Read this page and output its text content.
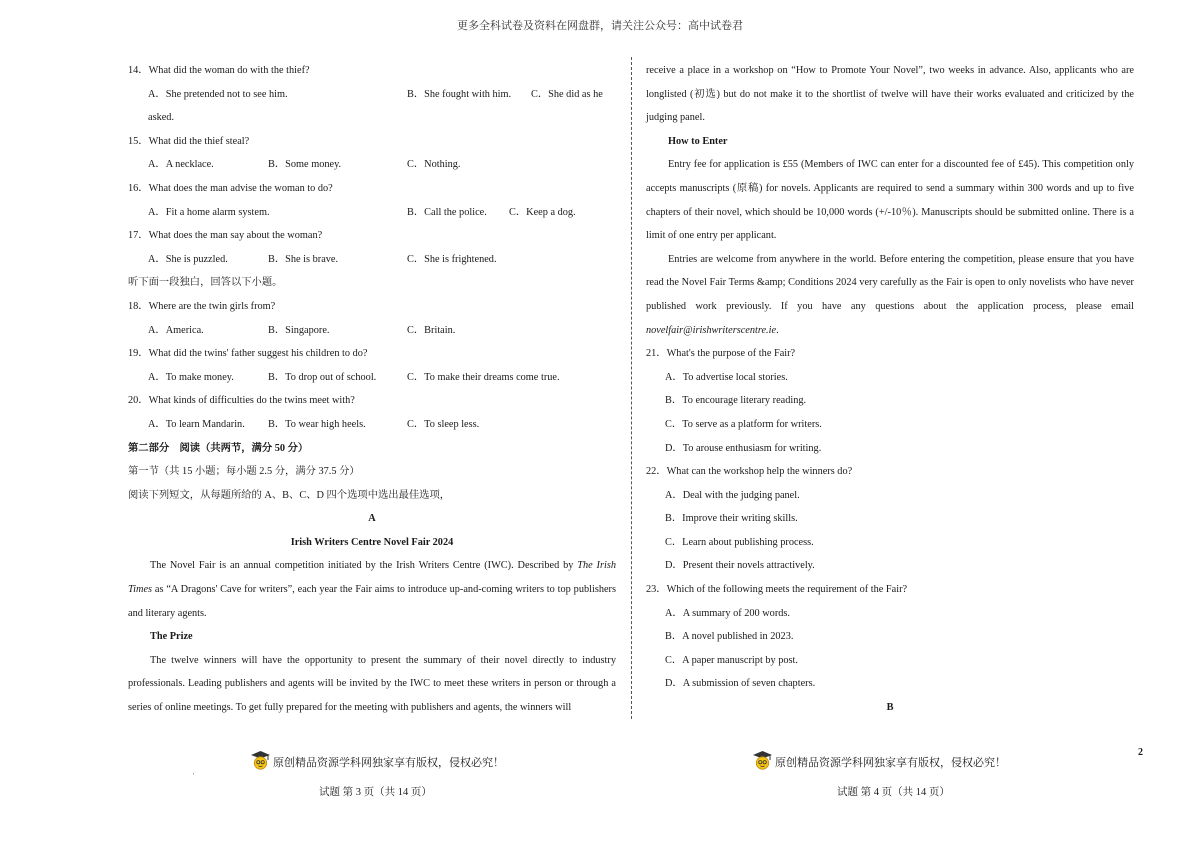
更多全科试卷及资料在网盘群，请关注公众号：高中试卷君

14．What did the woman do with the thief?

A．She pretended not to see him.	B．She fought with him. C．She did as he

asked.

15．What did the thief steal?

A．A necklace.	B．Some money.	C．Nothing.

16．What does the man advise the woman to do?

A．Fit a home alarm system.	B．Call the police. C．Keep a dog.

17．What does the man say about the woman?

A．She is puzzled.	B．She is brave.	C．She is frightened.

听下面一段独白，回答以下小题。

18．Where are the twin girls from?

A．America.	B．Singapore.	C．Britain.

19．What did the twins' father suggest his children to do?

A．To make money.	B．To drop out of school.	C．To make their dreams come true.

20．What kinds of difficulties do the twins meet with?

A．To learn Mandarin. B．To wear high heels.	C．To sleep less.

第二部分　阅读（共两节，满分 50 分）

第一节（共 15 小题；每小题 2.5 分，满分 37.5 分）

阅读下列短文，从每题所给的 A、B、C、D 四个选项中选出最佳选项，

A

Irish Writers Centre Novel Fair 2024

The Novel Fair is an annual competition initiated by the Irish Writers Centre (IWC). Described by The Irish Times as “A Dragons' Cave for writers”, each year the Fair aims to introduce up-and-coming writers to top publishers and literary agents.

The Prize

The twelve winners will have the opportunity to present the summary of their novel directly to industry professionals. Leading publishers and agents will be invited by the IWC to meet these writers in person or through a series of online meetings. To get fully prepared for the meeting with publishers and agents, the winners will

receive a place in a workshop on “How to Promote Your Novel”, two weeks in advance. Also, applicants who are longlisted (初选) but do not make it to the shortlist of twelve will have their works evaluated and criticized by the judging panel.

How to Enter

Entry fee for application is £55 (Members of IWC can enter for a discounted fee of £45). This competition only accepts manuscripts (原稿) for novels. Applicants are required to send a summary within 300 words and up to five chapters of their novel, which should be 10,000 words (+/-10％). Manuscripts should be submitted online. There is a limit of one entry per applicant.

Entries are welcome from anywhere in the world. Before entering the competition, please ensure that you have read the Novel Fair Terms &amp; Conditions 2024 very carefully as the Fair is open to only novelists who have never published work previously. If you have any questions about the application process, please email novelfair@irishwriterscentre.ie.

21．What's the purpose of the Fair?

A．To advertise local stories.

B．To encourage literary reading.

C．To serve as a platform for writers.

D．To arouse enthusiasm for writing.

22．What can the workshop help the winners do?

A．Deal with the judging panel.

B．Improve their writing skills.

C．Learn about publishing process.

D．Present their novels attractively.

23．Which of the following meets the requirement of the Fair?

A．A summary of 200 words.

B．A novel published in 2023.

C．A paper manuscript by post.

D．A submission of seven chapters.

B

原创精品资源学科网独家享有版权，侵权必究！	原创精品资源学科网独家享有版权，侵权必究！
2
'
试题 第 3 页（共 14 页）	试题 第 4 页（共 14 页）
